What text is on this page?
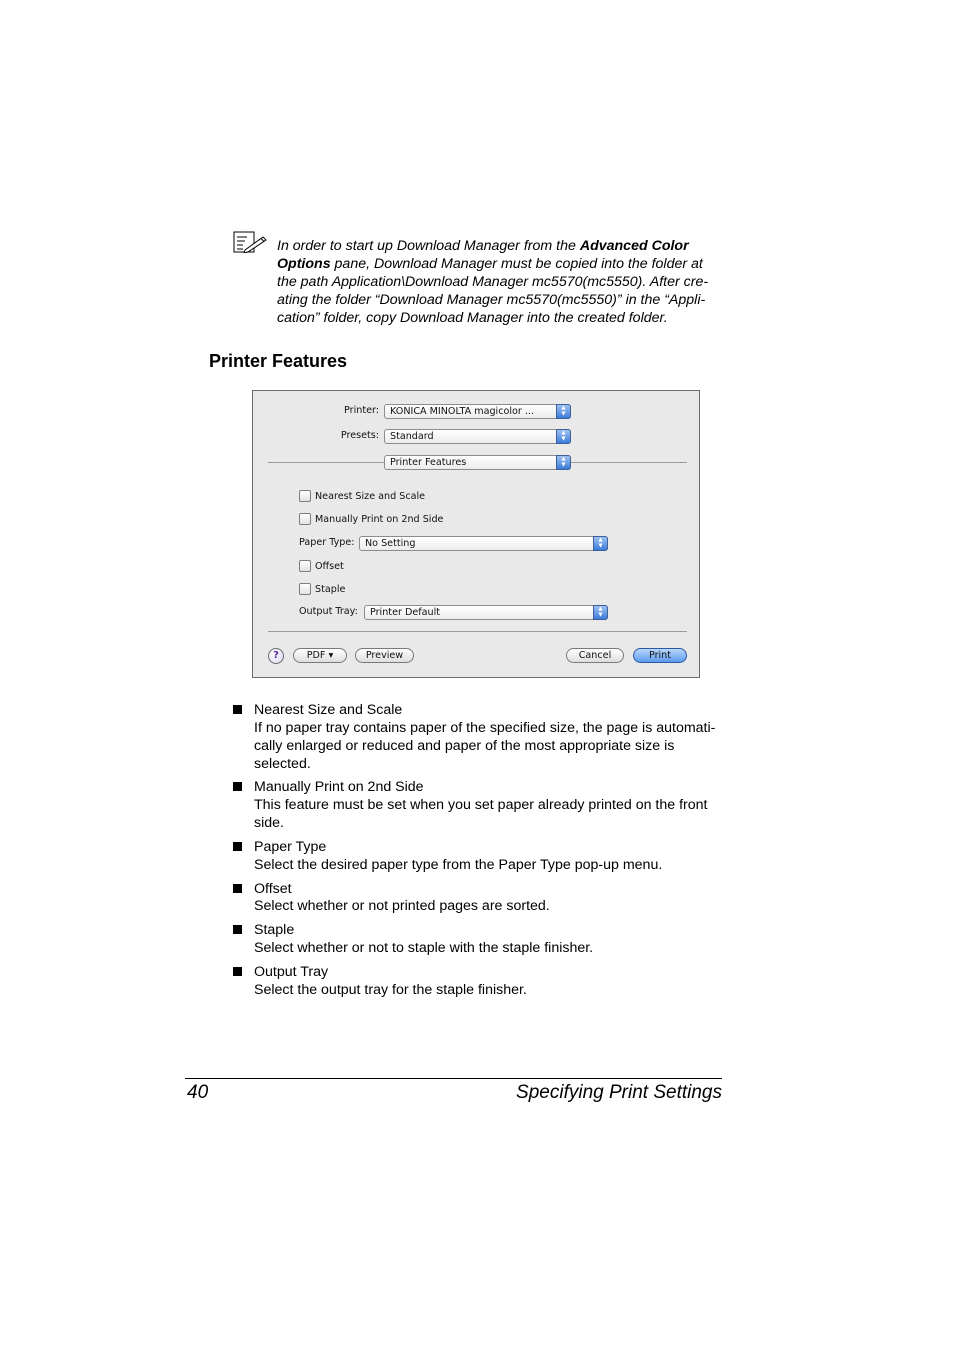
In order to start up Download Manager from the Advanced Color Options pane, Download Manager must be copied into the folder at the path Application\Download Manager mc5570(mc5550). After cre- ating the folder “Download Manager mc5570(mc5550)” in the “Appli- cation” folder, copy Download Manager into the created folder.
Printer Features
Printer: KONICA MINOLTA magicolor ...	▲
▼
Presets: Standard	▲
▼
Printer Features	▲
▼
Nearest Size and Scale
Manually Print on 2nd Side
Paper Type: No Setting	▲
▼
Offset
Staple
Output Tray: Printer Default	▲
▼
?	PDF ▾	Preview	Cancel	Print
Nearest Size and Scale
If no paper tray contains paper of the specified size, the page is automati- cally enlarged or reduced and paper of the most appropriate size is selected.
Manually Print on 2nd Side
This feature must be set when you set paper already printed on the front side.
Paper Type
Select the desired paper type from the Paper Type pop-up menu.
Offset
Select whether or not printed pages are sorted.
Staple
Select whether or not to staple with the staple finisher.
Output Tray
Select the output tray for the staple finisher.
40	Specifying Print Settings
